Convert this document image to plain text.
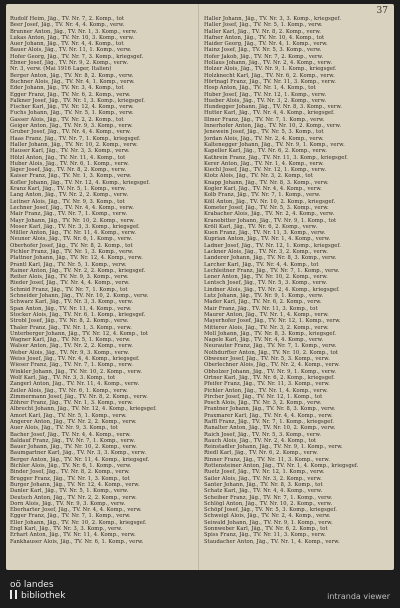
37
Rudolf Heim, Jäg., TV. Nr. 7, 2. Komp., tot
Beer Josef, Jäg., TV. Nr. 4, 4. Komp., verw.
Brunner Anton, Jäg., TV. Nr. 1, 3. Komp., verw.
Lukas Anton, Jäg., TV. Nr. 10, 3. Komp., verw.
Auer Johann, Jäg., TV. Nr. 4, 4. Komp., tot
Bauer Alois, Jäg., TV. Nr. 11, 1. Komp., verw.
Hofer Georg, Jäg., TV. Nr. 7, 3. Komp., kriegsgef.
Ebner Josef, Jäg., TV. Nr. 9, 2. Komp., verw.
Nr. 3, verw. (Mai 1916 Lager, Italien)
Berger Anton, Jäg., TV. Nr. 8, 2. Komp., verw.
Buchner Alois, Jäg., TV. Nr. 4, 1. Komp., verw.
Eder Johann, Jäg., TV. Nr. 3, 4. Komp., tot
Egger Franz, Jäg., TV. Nr. 6, 2. Komp., verw.
Falkner Josef, Jäg., TV. Nr. 1, 3. Komp., kriegsgef.
Fischer Karl, Jäg., TV. Nr. 12, 4. Komp., verw.
Fuchs Johann, Jäg., TV. Nr. 5, 1. Komp., verw.
Gasser Alois, Jäg., TV. Nr. 2, 2. Komp., tot
Geiger Anton, Jäg., TV. Nr. 9, 3. Komp., verw.
Gruber Josef, Jäg., TV. Nr. 4, 4. Komp., verw.
Haas Franz, Jäg., TV. Nr. 7, 1. Komp., kriegsgef.
Haller Johann, Jäg., TV. Nr. 10, 2. Komp., verw.
Hauser Karl, Jäg., TV. Nr. 3, 3. Komp., verw.
Hölzl Anton, Jäg., TV. Nr. 11, 4. Komp., tot
Huber Alois, Jäg., TV. Nr. 6, 1. Komp., verw.
Jäger Josef, Jäg., TV. Nr. 8, 2. Komp., verw.
Kaiser Franz, Jäg., TV. Nr. 1, 3. Komp., verw.
Kofler Johann, Jäg., TV. Nr. 12, 4. Komp., kriegsgef.
Kranz Karl, Jäg., TV. Nr. 5, 1. Komp., verw.
Lang Anton, Jäg., TV. Nr. 2, 2. Komp., verw.
Leitner Alois, Jäg., TV. Nr. 9, 3. Komp., tot
Lechner Josef, Jäg., TV. Nr. 4, 4. Komp., verw.
Mair Franz, Jäg., TV. Nr. 7, 1. Komp., verw.
Mayr Johann, Jäg., TV. Nr. 10, 2. Komp., verw.
Moser Karl, Jäg., TV. Nr. 3, 3. Komp., kriegsgef.
Müller Anton, Jäg., TV. Nr. 11, 4. Komp., verw.
Neuner Alois, Jäg., TV. Nr. 6, 1. Komp., verw.
Oberhofer Josef, Jäg., TV. Nr. 8, 2. Komp., tot
Pichler Franz, Jäg., TV. Nr. 1, 3. Komp., verw.
Plattner Johann, Jäg., TV. Nr. 12, 4. Komp., verw.
Prantl Karl, Jäg., TV. Nr. 5, 1. Komp., verw.
Rainer Anton, Jäg., TV. Nr. 2, 2. Komp., kriegsgef.
Reiter Alois, Jäg., TV. Nr. 9, 3. Komp., verw.
Rieder Josef, Jäg., TV. Nr. 4, 4. Komp., verw.
Schmid Franz, Jäg., TV. Nr. 7, 1. Komp., tot
Schneider Johann, Jäg., TV. Nr. 10, 2. Komp., verw.
Schwarz Karl, Jäg., TV. Nr. 3, 3. Komp., verw.
Span Anton, Jäg., TV. Nr. 11, 4. Komp., verw.
Stocker Alois, Jäg., TV. Nr. 6, 1. Komp., kriegsgef.
Strobl Josef, Jäg., TV. Nr. 8, 2. Komp., verw.
Thaler Franz, Jäg., TV. Nr. 1, 3. Komp., verw.
Unterberger Johann, Jäg., TV. Nr. 12, 4. Komp., tot
Wagner Karl, Jäg., TV. Nr. 5, 1. Komp., verw.
Walser Anton, Jäg., TV. Nr. 2, 2. Komp., verw.
Weber Alois, Jäg., TV. Nr. 9, 3. Komp., verw.
Weiss Josef, Jäg., TV. Nr. 4, 4. Komp., kriegsgef.
Wieser Franz, Jäg., TV. Nr. 7, 1. Komp., verw.
Winkler Johann, Jäg., TV. Nr. 10, 2. Komp., verw.
Wolf Karl, Jäg., TV. Nr. 3, 3. Komp., tot
Zangerl Anton, Jäg., TV. Nr. 11, 4. Komp., verw.
Zeiler Alois, Jäg., TV. Nr. 6, 1. Komp., verw.
Zimmermann Josef, Jäg., TV. Nr. 8, 2. Komp., verw.
Zöhrer Franz, Jäg., TV. Nr. 1, 3. Komp., verw.
Albrecht Johann, Jäg., TV. Nr. 12, 4. Komp., kriegsgef.
Amort Karl, Jäg., TV. Nr. 5, 1. Komp., verw.
Angerer Anton, Jäg., TV. Nr. 2, 2. Komp., verw.
Auer Alois, Jäg., TV. Nr. 9, 3. Komp., tot
Bacher Josef, Jäg., TV. Nr. 4, 4. Komp., verw.
Baldauf Franz, Jäg., TV. Nr. 7, 1. Komp., verw.
Bauer Johann, Jäg., TV. Nr. 10, 2. Komp., verw.
Baumgartner Karl, Jäg., TV. Nr. 3, 3. Komp., verw.
Berger Anton, Jäg., TV. Nr. 11, 4. Komp., kriegsgef.
Bichler Alois, Jäg., TV. Nr. 6, 1. Komp., verw.
Binder Josef, Jäg., TV. Nr. 8, 2. Komp., verw.
Brugger Franz, Jäg., TV. Nr. 1, 3. Komp., tot
Burger Johann, Jäg., TV. Nr. 12, 4. Komp., verw.
Danler Karl, Jäg., TV. Nr. 5, 1. Komp., verw.
Deutsch Anton, Jäg., TV. Nr. 2, 2. Komp., verw.
Dorn Alois, Jäg., TV. Nr. 9, 3. Komp., verw.
Eberharter Josef, Jäg., TV. Nr. 4, 4. Komp., verw.
Egger Franz, Jäg., TV. Nr. 7, 1. Komp., verw.
Eller Johann, Jäg., TV. Nr. 10, 2. Komp., kriegsgef.
Engl Karl, Jäg., TV. Nr. 3, 3. Komp., verw.
Erhart Anton, Jäg., TV. Nr. 11, 4. Komp., verw.
Fankhauser Alois, Jäg., TV. Nr. 6, 1. Komp., verw.
Haller Johann, Jäg., TV. Nr. 3, 3. Komp., kriegsgef.
Haller Josef, Jäg., TV. Nr. 5, 1. Komp., verw.
Haller Karl, Jäg., TV. Nr. 8, 2. Komp., verw.
Hafner Anton, Jäg., TV. Nr. 10, 4. Komp., tot
Haider Georg, Jäg., TV. Nr. 4, 1. Komp., verw.
Hainz Josef, Jäg., TV. Nr. 5, 3. Komp., verw.
Hofer Jakob, Jäg., TV. Nr. 7, 2. Komp., verw.
Hollaus Johann, Jäg., TV. Nr. 2, 4. Komp., verw.
Holzer Alois, Jäg., TV. Nr. 9, 1. Komp., kriegsgef.
Holzknecht Karl, Jäg., TV. Nr. 6, 2. Komp., verw.
Hörtnagl Franz, Jäg., TV. Nr. 11, 3. Komp., verw.
Hosp Anton, Jäg., TV. Nr. 1, 4. Komp., tot
Huber Josef, Jäg., TV. Nr. 12, 1. Komp., verw.
Hueber Alois, Jäg., TV. Nr. 3, 2. Komp., verw.
Hundegger Johann, Jäg., TV. Nr. 8, 3. Komp., verw.
Hutter Karl, Jäg., TV. Nr. 4, 4. Komp., kriegsgef.
Illmer Franz, Jäg., TV. Nr. 7, 1. Komp., verw.
Innerhofer Anton, Jäg., TV. Nr. 10, 2. Komp., verw.
Jenewein Josef, Jäg., TV. Nr. 5, 3. Komp., tot
Jordan Alois, Jäg., TV. Nr. 2, 4. Komp., verw.
Kaltenegger Johann, Jäg., TV. Nr. 9, 1. Komp., verw.
Kapeller Karl, Jäg., TV. Nr. 6, 2. Komp., verw.
Kathrein Franz, Jäg., TV. Nr. 11, 3. Komp., kriegsgef.
Kerer Anton, Jäg., TV. Nr. 1, 4. Komp., verw.
Kiechl Josef, Jäg., TV. Nr. 12, 1. Komp., verw.
Klotz Alois, Jäg., TV. Nr. 3, 2. Komp., tot
Knapp Johann, Jäg., TV. Nr. 8, 3. Komp., verw.
Kogler Karl, Jäg., TV. Nr. 4, 4. Komp., verw.
Kolb Franz, Jäg., TV. Nr. 7, 1. Komp., verw.
Köll Anton, Jäg., TV. Nr. 10, 2. Komp., kriegsgef.
Kometer Josef, Jäg., TV. Nr. 5, 3. Komp., verw.
Krabacher Alois, Jäg., TV. Nr. 2, 4. Komp., verw.
Kranebitter Johann, Jäg., TV. Nr. 9, 1. Komp., tot
Kröll Karl, Jäg., TV. Nr. 6, 2. Komp., verw.
Kuen Franz, Jäg., TV. Nr. 11, 3. Komp., verw.
Kuprian Anton, Jäg., TV. Nr. 1, 4. Komp., verw.
Ladner Josef, Jäg., TV. Nr. 12, 1. Komp., kriegsgef.
Lackner Alois, Jäg., TV. Nr. 3, 2. Komp., verw.
Landerer Johann, Jäg., TV. Nr. 8, 3. Komp., verw.
Larcher Karl, Jäg., TV. Nr. 4, 4. Komp., tot
Lechleitner Franz, Jäg., TV. Nr. 7, 1. Komp., verw.
Lener Anton, Jäg., TV. Nr. 10, 2. Komp., verw.
Lentsch Josef, Jäg., TV. Nr. 5, 3. Komp., verw.
Lindner Alois, Jäg., TV. Nr. 2, 4. Komp., kriegsgef.
Lutz Johann, Jäg., TV. Nr. 9, 1. Komp., verw.
Mader Karl, Jäg., TV. Nr. 6, 2. Komp., verw.
Mair Franz, Jäg., TV. Nr. 11, 3. Komp., tot
Maurer Anton, Jäg., TV. Nr. 1, 4. Komp., verw.
Mayerhofer Josef, Jäg., TV. Nr. 12, 1. Komp., verw.
Mitterer Alois, Jäg., TV. Nr. 3, 2. Komp., verw.
Moll Johann, Jäg., TV. Nr. 8, 3. Komp., kriegsgef.
Nagele Karl, Jäg., TV. Nr. 4, 4. Komp., verw.
Neurauter Franz, Jäg., TV. Nr. 7, 1. Komp., verw.
Nothdurfter Anton, Jäg., TV. Nr. 10, 2. Komp., tot
Obwexer Josef, Jäg., TV. Nr. 5, 3. Komp., verw.
Oberlechner Alois, Jäg., TV. Nr. 2, 4. Komp., verw.
Obholzer Johann, Jäg., TV. Nr. 9, 1. Komp., verw.
Ortner Karl, Jäg., TV. Nr. 6, 2. Komp., kriegsgef.
Pfeifer Franz, Jäg., TV. Nr. 11, 3. Komp., verw.
Pichler Anton, Jäg., TV. Nr. 1, 4. Komp., verw.
Pircher Josef, Jäg., TV. Nr. 12, 1. Komp., tot
Posch Alois, Jäg., TV. Nr. 3, 2. Komp., verw.
Prantner Johann, Jäg., TV. Nr. 8, 3. Komp., verw.
Praxmarer Karl, Jäg., TV. Nr. 4, 4. Komp., verw.
Raffl Franz, Jäg., TV. Nr. 7, 1. Komp., kriegsgef.
Ranalter Anton, Jäg., TV. Nr. 10, 2. Komp., verw.
Raich Josef, Jäg., TV. Nr. 5, 3. Komp., verw.
Rauch Alois, Jäg., TV. Nr. 2, 4. Komp., tot
Reinstadler Johann, Jäg., TV. Nr. 9, 1. Komp., verw.
Riedl Karl, Jäg., TV. Nr. 6, 2. Komp., verw.
Rinner Franz, Jäg., TV. Nr. 11, 3. Komp., verw.
Rottensteiner Anton, Jäg., TV. Nr. 1, 4. Komp., kriegsgef.
Ruetz Josef, Jäg., TV. Nr. 12, 1. Komp., verw.
Sailer Alois, Jäg., TV. Nr. 3, 2. Komp., verw.
Santer Johann, Jäg., TV. Nr. 8, 3. Komp., tot
Schatz Karl, Jäg., TV. Nr. 4, 4. Komp., verw.
Scheiber Franz, Jäg., TV. Nr. 7, 1. Komp., verw.
Schlögl Anton, Jäg., TV. Nr. 10, 2. Komp., verw.
Schöpf Josef, Jäg., TV. Nr. 5, 3. Komp., kriegsgef.
Schweigl Alois, Jäg., TV. Nr. 2, 4. Komp., verw.
Seiwald Johann, Jäg., TV. Nr. 9, 1. Komp., verw.
Sonnweber Karl, Jäg., TV. Nr. 6, 2. Komp., tot
Spiss Franz, Jäg., TV. Nr. 11, 3. Komp., verw.
Staudacher Anton, Jäg., TV. Nr. 1, 4. Komp., verw.
oö landes
bibliothek	intranda viewer
